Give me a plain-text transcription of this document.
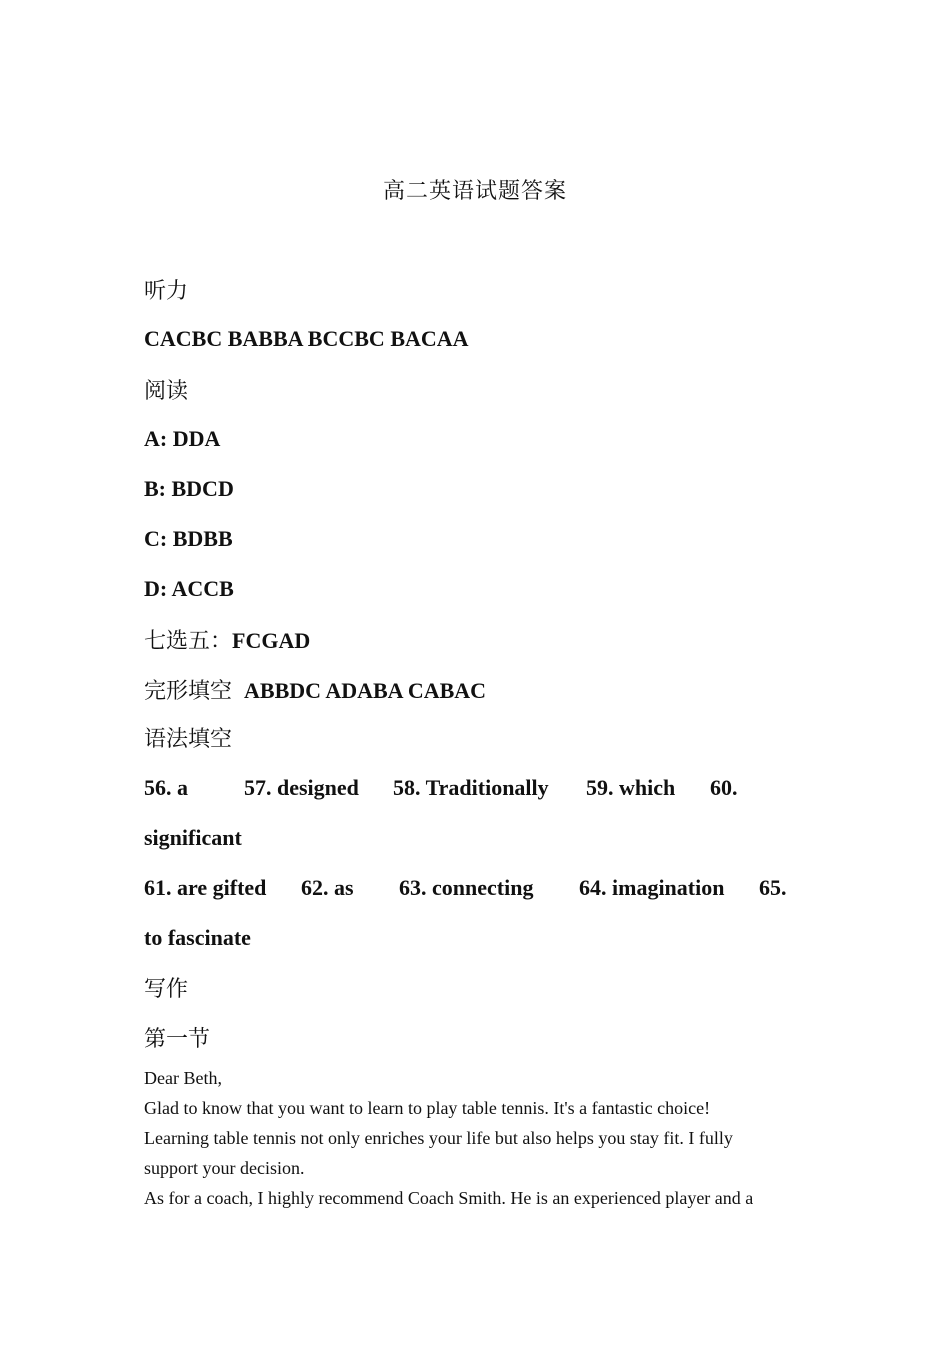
高二英语试题答案
听力
CACBC BABBA BCCBC BACAA
阅读
A: DDA
B: BDCD
C: BDBB
D: ACCB
七选五：FCGAD
完形填空 ABBDC ADABA CABAC
语法填空
56. a	57. designed 58. Traditionally 59. which 60.
significant
61. are gifted 62. as 63. connecting 64. imagination 65.
to fascinate
写作
第一节

Dear Beth,

Glad to know that you want to learn to play table tennis. It's a fantastic choice!

Learning table tennis not only enriches your life but also helps you stay fit. I fully support your decision.

As for a coach, I highly recommend Coach Smith. He is an experienced player and a
